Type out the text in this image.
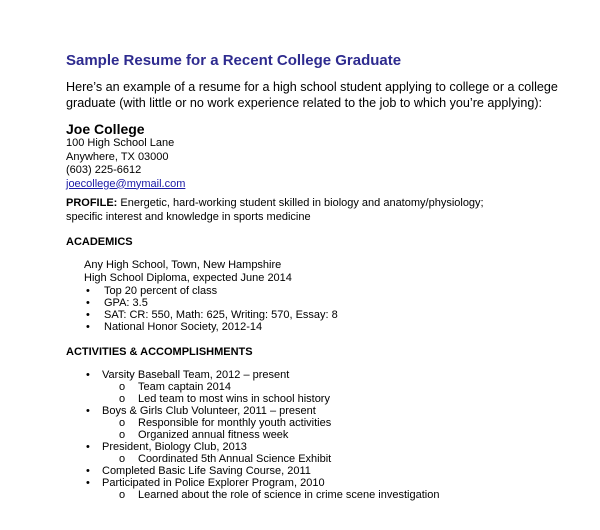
Sample Resume for a Recent College Graduate
Here’s an example of a resume for a high school student applying to college or a college
graduate (with little or no work experience related to the job to which you’re applying):
Joe College
100 High School Lane
Anywhere, TX 03000
(603) 225-6612
joecollege@mymail.com
PROFILE: Energetic, hard-working student skilled in biology and anatomy/physiology;
specific interest and knowledge in sports medicine
ACADEMICS
Any High School, Town, New Hampshire
High School Diploma, expected June 2014
• Top 20 percent of class
• GPA: 3.5
• SAT: CR: 550, Math: 625, Writing: 570, Essay: 8
• National Honor Society, 2012-14
ACTIVITIES & ACCOMPLISHMENTS
• Varsity Baseball Team, 2012 – present
o Team captain 2014
o Led team to most wins in school history
• Boys & Girls Club Volunteer, 2011 – present
o Responsible for monthly youth activities
o Organized annual fitness week
• President, Biology Club, 2013
o Coordinated 5th Annual Science Exhibit
• Completed Basic Life Saving Course, 2011
• Participated in Police Explorer Program, 2010
o Learned about the role of science in crime scene investigation
